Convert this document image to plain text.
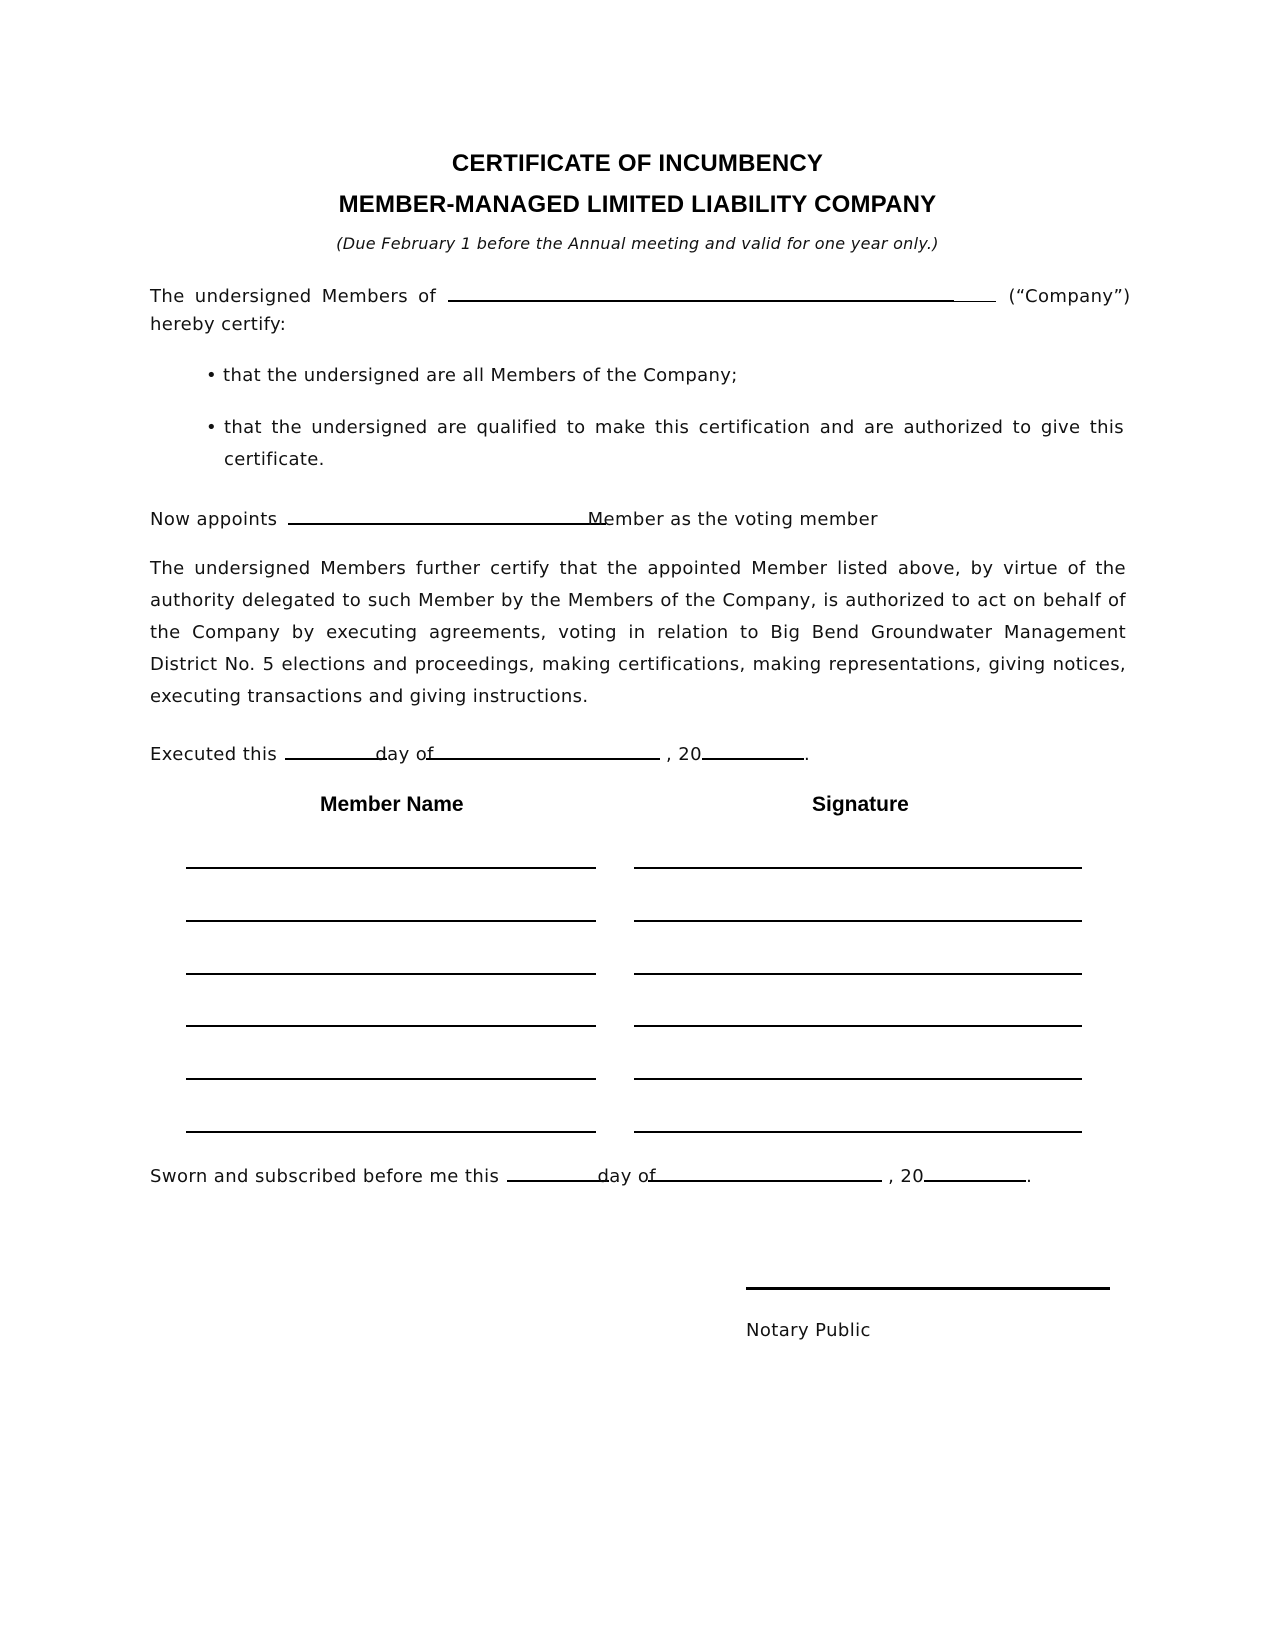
CERTIFICATE OF INCUMBENCY
MEMBER-MANAGED LIMITED LIABILITY COMPANY
(Due February 1 before the Annual meeting and valid for one year only.)
The undersigned Members of	(“Company”)
hereby certify:
• that the undersigned are all Members of the Company;
• that the undersigned are qualified to make this certification and are authorized to give this certificate.
Now appoints	Member as the voting member
The undersigned Members further certify that the appointed Member listed above, by virtue of the authority delegated to such Member by the Members of the Company, is authorized to act on behalf of the Company by executing agreements, voting in relation to Big Bend Groundwater Management District No. 5 elections and proceedings, making certifications, making representations, giving notices, executing transactions and giving instructions.
Executed this	day of	, 20	.
Member Name	Signature
Sworn and subscribed before me this	day of	, 20	.
Notary Public
